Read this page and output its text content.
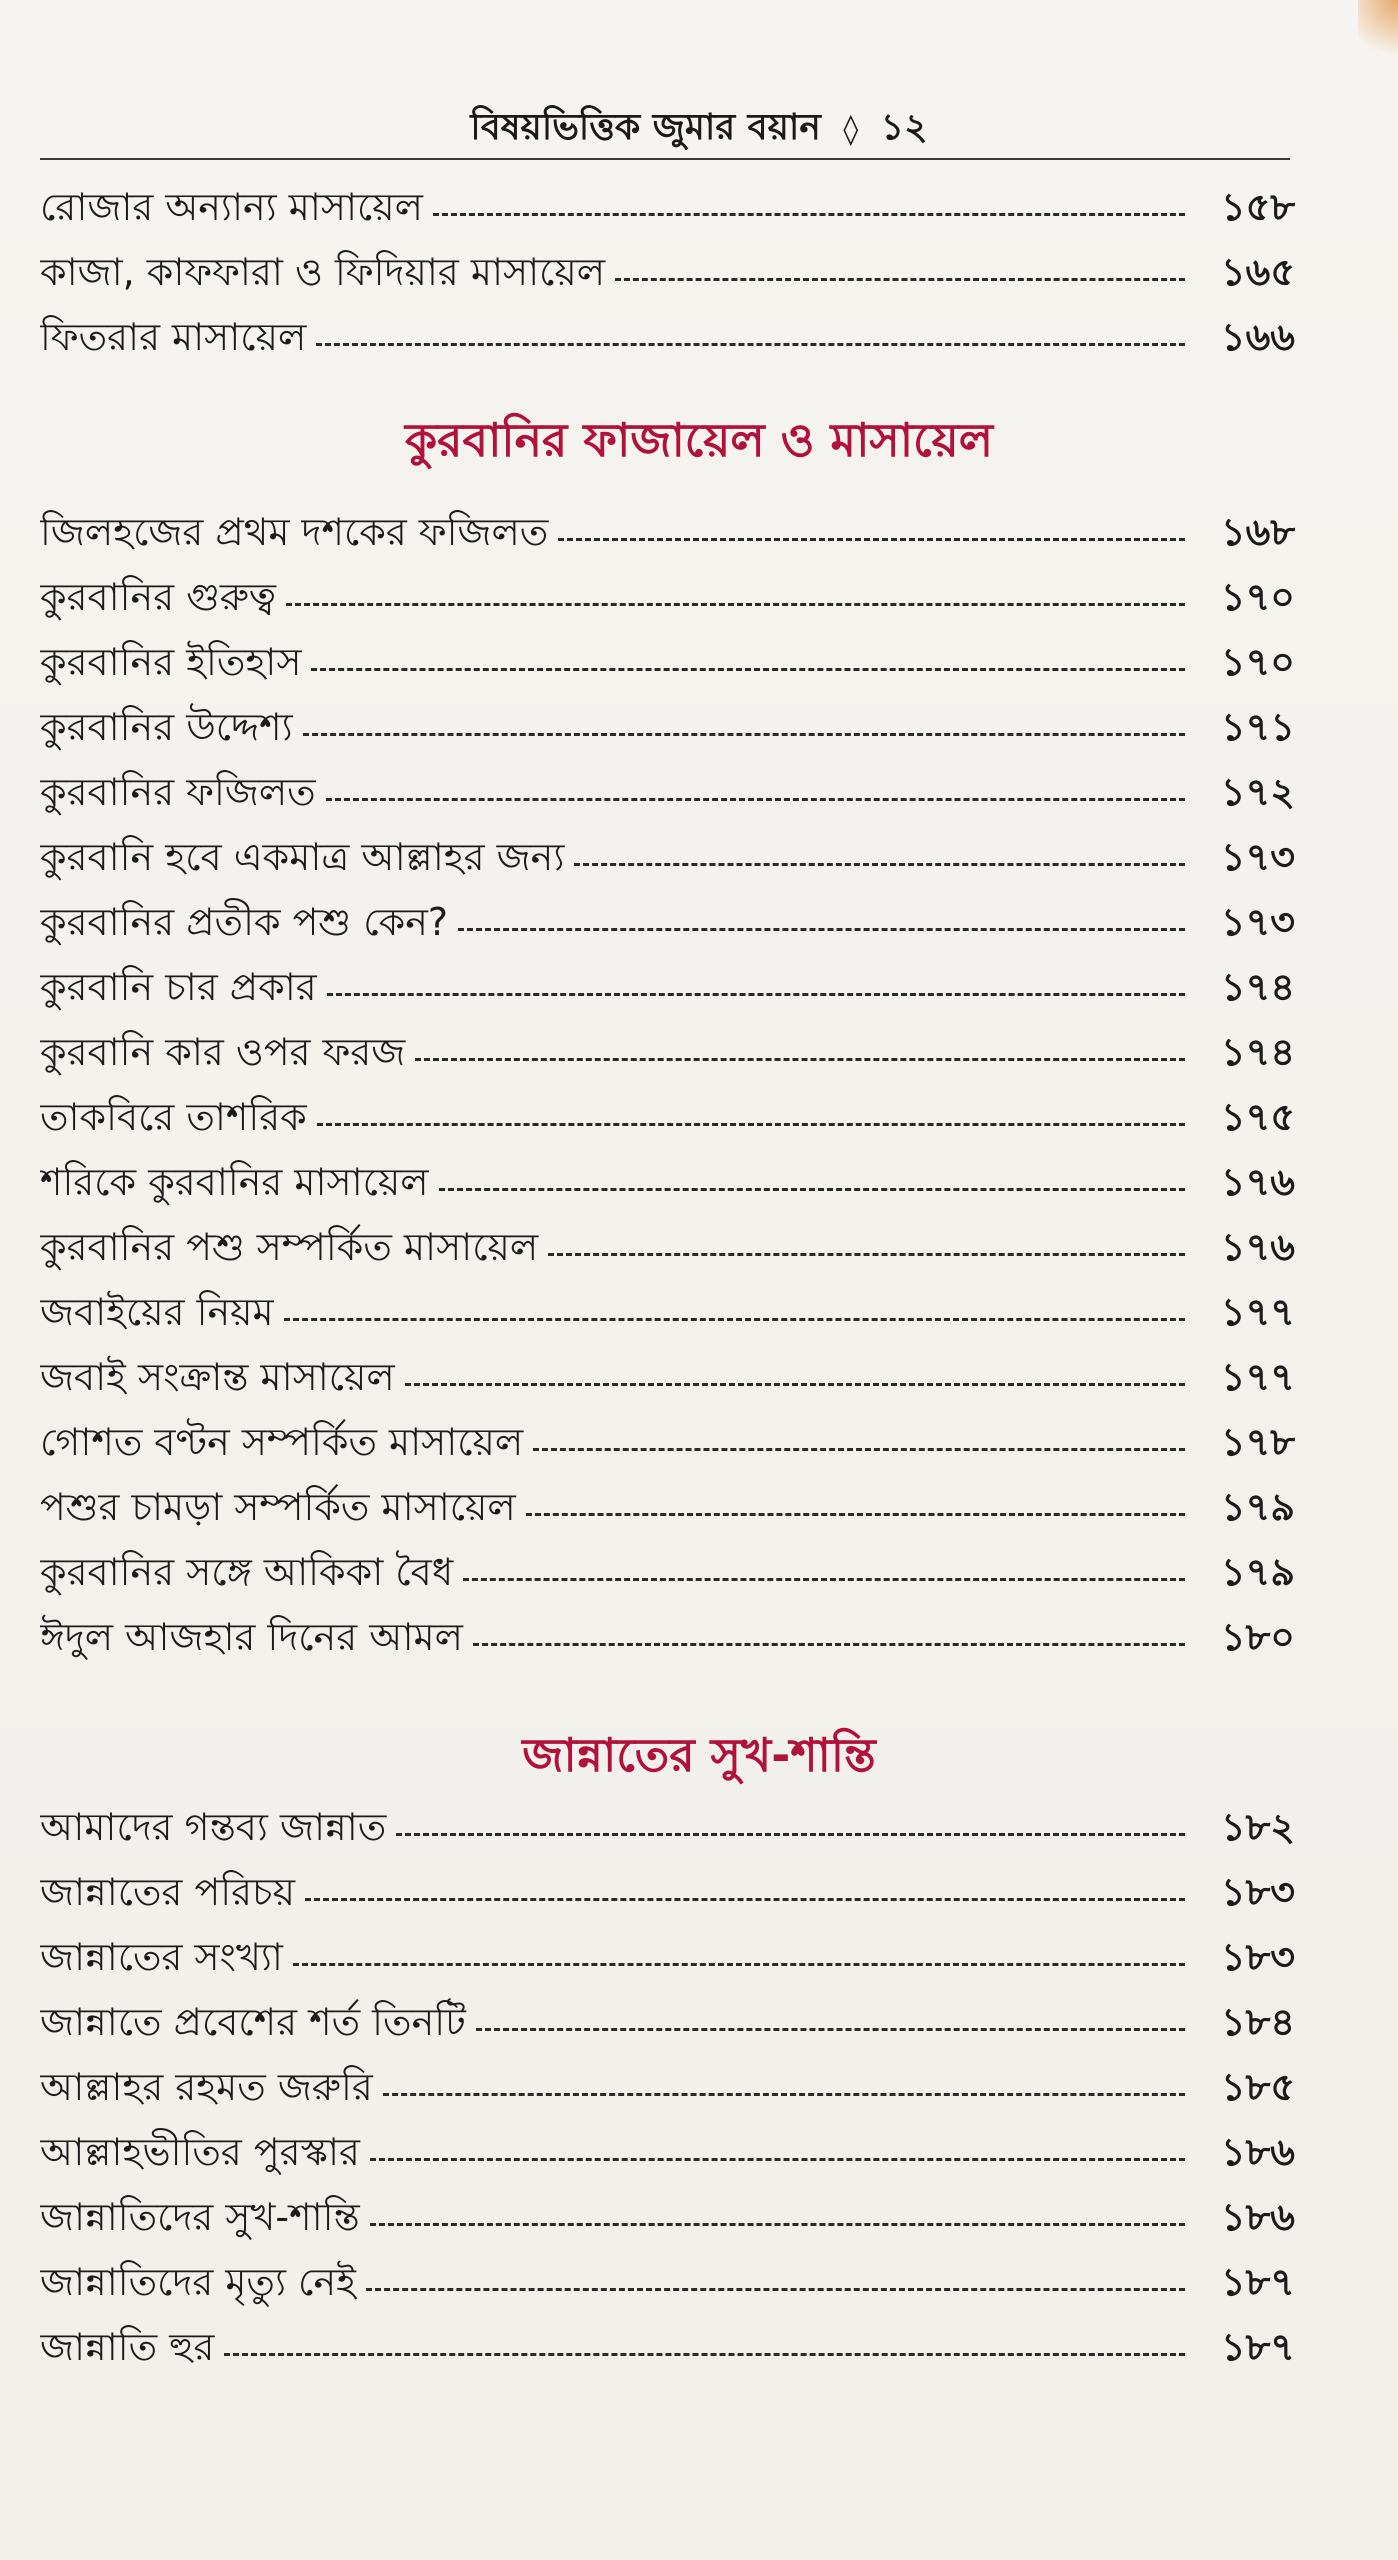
বিষয়ভিত্তিক জুমার বয়ান ◊ ১২
রোজার অন্যান্য মাসায়েল	১৫৮
কাজা, কাফফারা ও ফিদিয়ার মাসায়েল	১৬৫
ফিতরার মাসায়েল	১৬৬
কুরবানির ফাজায়েল ও মাসায়েল
জিলহজের প্রথম দশকের ফজিলত	১৬৮
কুরবানির গুরুত্ব	১৭০
কুরবানির ইতিহাস	১৭০
কুরবানির উদ্দেশ্য	১৭১
কুরবানির ফজিলত	১৭২
কুরবানি হবে একমাত্র আল্লাহর জন্য	১৭৩
কুরবানির প্রতীক পশু কেন?	১৭৩
কুরবানি চার প্রকার	১৭৪
কুরবানি কার ওপর ফরজ	১৭৪
তাকবিরে তাশরিক	১৭৫
শরিকে কুরবানির মাসায়েল	১৭৬
কুরবানির পশু সম্পর্কিত মাসায়েল	১৭৬
জবাইয়ের নিয়ম	১৭৭
জবাই সংক্রান্ত মাসায়েল	১৭৭
গোশত বণ্টন সম্পর্কিত মাসায়েল	১৭৮
পশুর চামড়া সম্পর্কিত মাসায়েল	১৭৯
কুরবানির সঙ্গে আকিকা বৈধ	১৭৯
ঈদুল আজহার দিনের আমল	১৮০
জান্নাতের সুখ-শান্তি
আমাদের গন্তব্য জান্নাত	১৮২
জান্নাতের পরিচয়	১৮৩
জান্নাতের সংখ্যা	১৮৩
জান্নাতে প্রবেশের শর্ত তিনটি	১৮৪
আল্লাহর রহমত জরুরি	১৮৫
আল্লাহভীতির পুরস্কার	১৮৬
জান্নাতিদের সুখ-শান্তি	১৮৬
জান্নাতিদের মৃত্যু নেই	১৮৭
জান্নাতি হুর	১৮৭
